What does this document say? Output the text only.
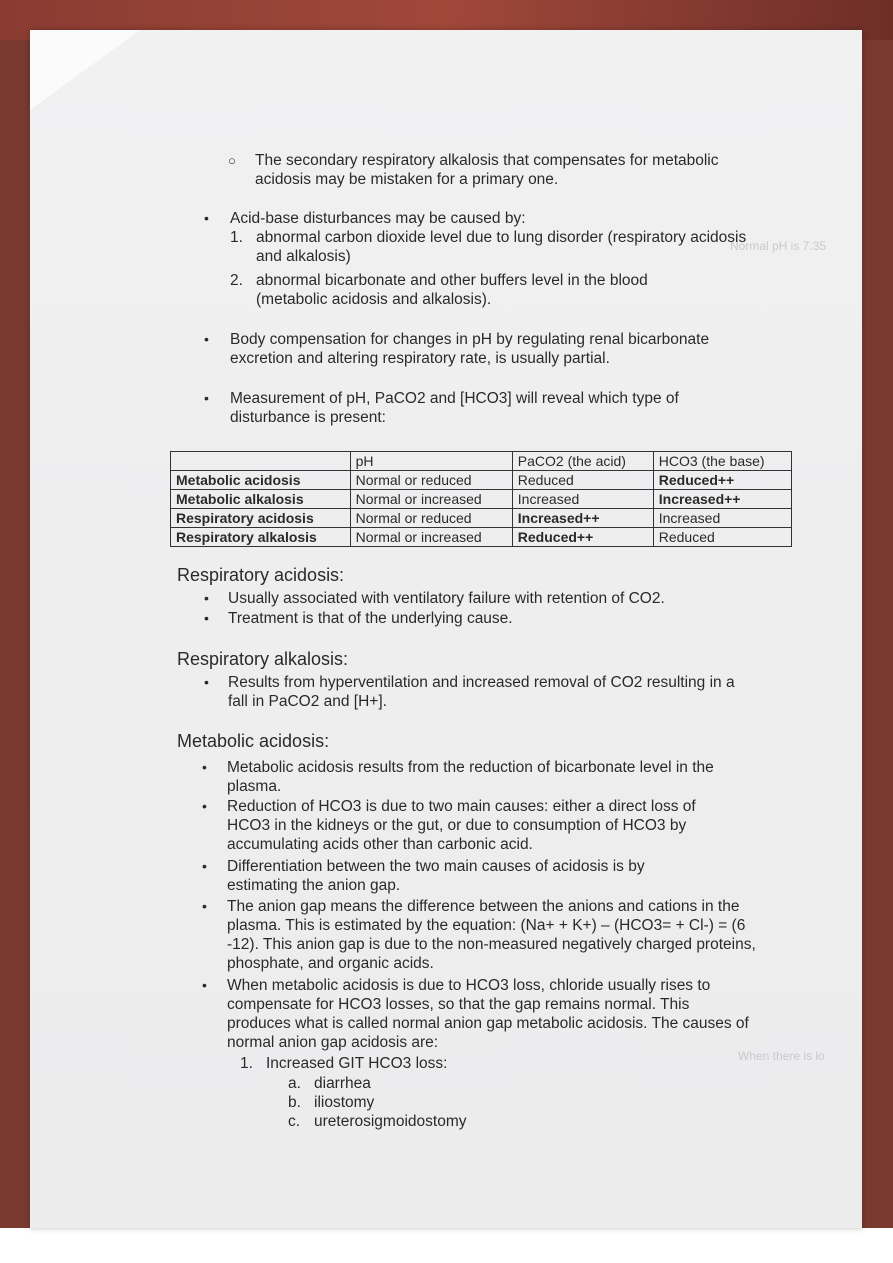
Normal pH is 7.35
When there is lo
○ The secondary respiratory alkalosis that compensates for metabolic acidosis may be mistaken for a primary one.
• Acid-base disturbances may be caused by:
1. abnormal carbon dioxide level due to lung disorder (respiratory acidosis and alkalosis)
2. abnormal bicarbonate and other buffers level in the blood (metabolic acidosis and alkalosis).
• Body compensation for changes in pH by regulating renal bicarbonate excretion and altering respiratory rate, is usually partial.
• Measurement of pH, PaCO2 and [HCO3] will reveal which type of disturbance is present:
	pH	PaCO2 (the acid)	HCO3 (the base)
Metabolic acidosis	Normal or reduced	Reduced	Reduced++
Metabolic alkalosis	Normal or increased	Increased	Increased++
Respiratory acidosis	Normal or reduced	Increased++	Increased
Respiratory alkalosis	Normal or increased	Reduced++	Reduced
Respiratory acidosis:
• Usually associated with ventilatory failure with retention of CO2.
• Treatment is that of the underlying cause.
Respiratory alkalosis:
• Results from hyperventilation and increased removal of CO2 resulting in a fall in PaCO2 and [H+].
Metabolic acidosis:
• Metabolic acidosis results from the reduction of bicarbonate level in the plasma.
• Reduction of HCO3 is due to two main causes: either a direct loss of HCO3 in the kidneys or the gut, or due to consumption of HCO3 by accumulating acids other than carbonic acid.
• Differentiation between the two main causes of acidosis is by estimating the anion gap.
• The anion gap means the difference between the anions and cations in the plasma. This is estimated by the equation: (Na+ + K+) – (HCO3= + Cl-) = (6 -12). This anion gap is due to the non-measured negatively charged proteins, phosphate, and organic acids.
• When metabolic acidosis is due to HCO3 loss, chloride usually rises to compensate for HCO3 losses, so that the gap remains normal. This produces what is called normal anion gap metabolic acidosis. The causes of normal anion gap acidosis are:
1. Increased GIT HCO3 loss:
a. diarrhea
b. iliostomy
c. ureterosigmoidostomy
